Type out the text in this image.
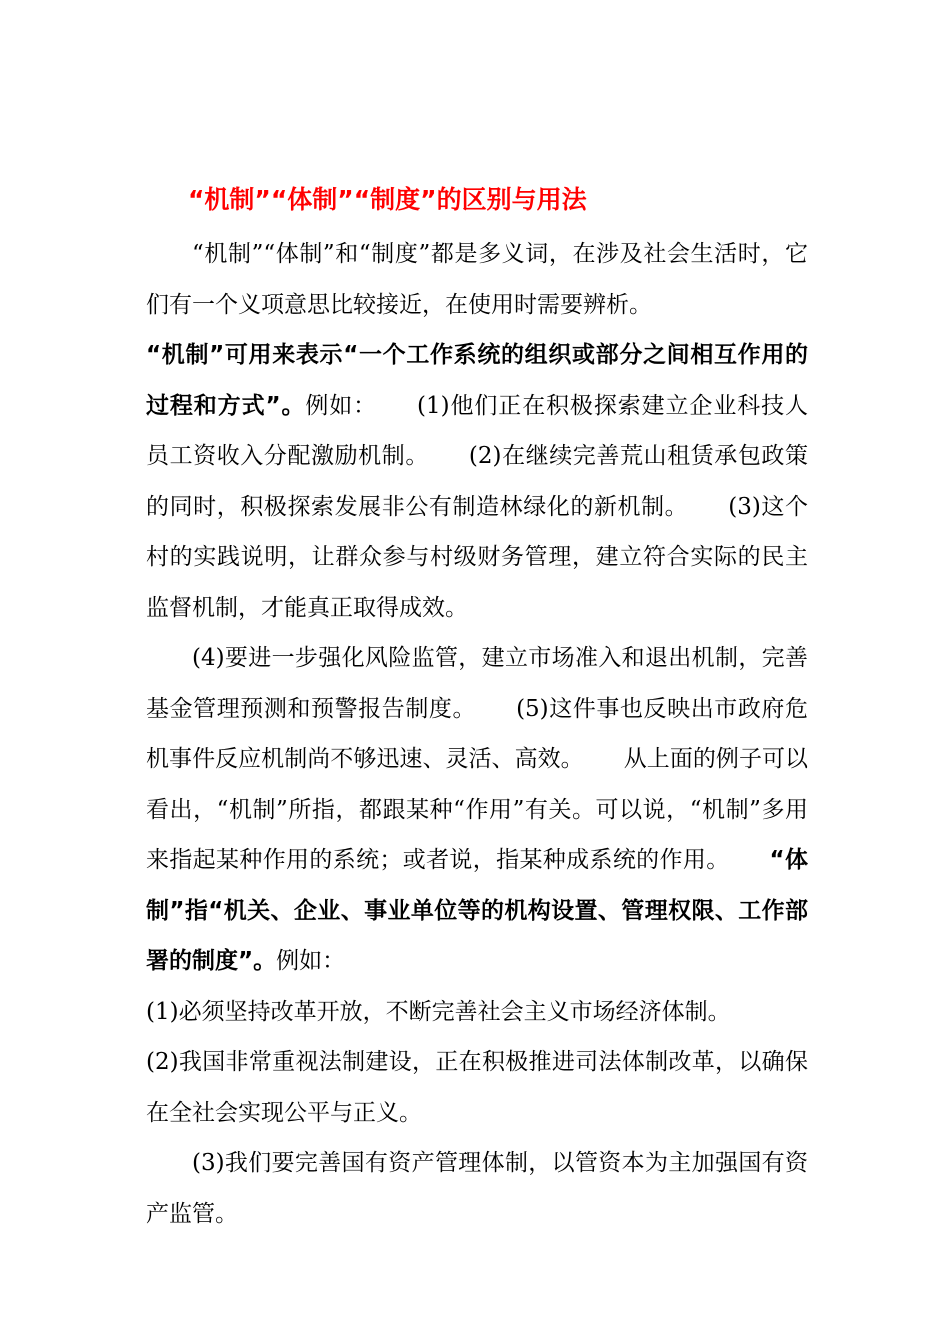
“机制”“体制”“制度”的区别与用法

“机制”“体制”和“制度”都是多义词，在涉及社会生活时，它们有一个义项意思比较接近，在使用时需要辨析。

“机制”可用来表示“一个工作系统的组织或部分之间相互作用的过程和方式”。例如： (1)他们正在积极探索建立企业科技人员工资收入分配激励机制。 (2)在继续完善荒山租赁承包政策的同时，积极探索发展非公有制造林绿化的新机制。 (3)这个村的实践说明，让群众参与村级财务管理，建立符合实际的民主监督机制，才能真正取得成效。

(4)要进一步强化风险监管，建立市场准入和退出机制，完善基金管理预测和预警报告制度。 (5)这件事也反映出市政府危机事件反应机制尚不够迅速、灵活、高效。 从上面的例子可以看出，“机制”所指，都跟某种“作用”有关。可以说，“机制”多用来指起某种作用的系统；或者说，指某种成系统的作用。 “体制”指“机关、企业、事业单位等的机构设置、管理权限、工作部署的制度”。例如：

(1)必须坚持改革开放，不断完善社会主义市场经济体制。

(2)我国非常重视法制建设，正在积极推进司法体制改革，以确保在全社会实现公平与正义。

(3)我们要完善国有资产管理体制，以管资本为主加强国有资产监管。
